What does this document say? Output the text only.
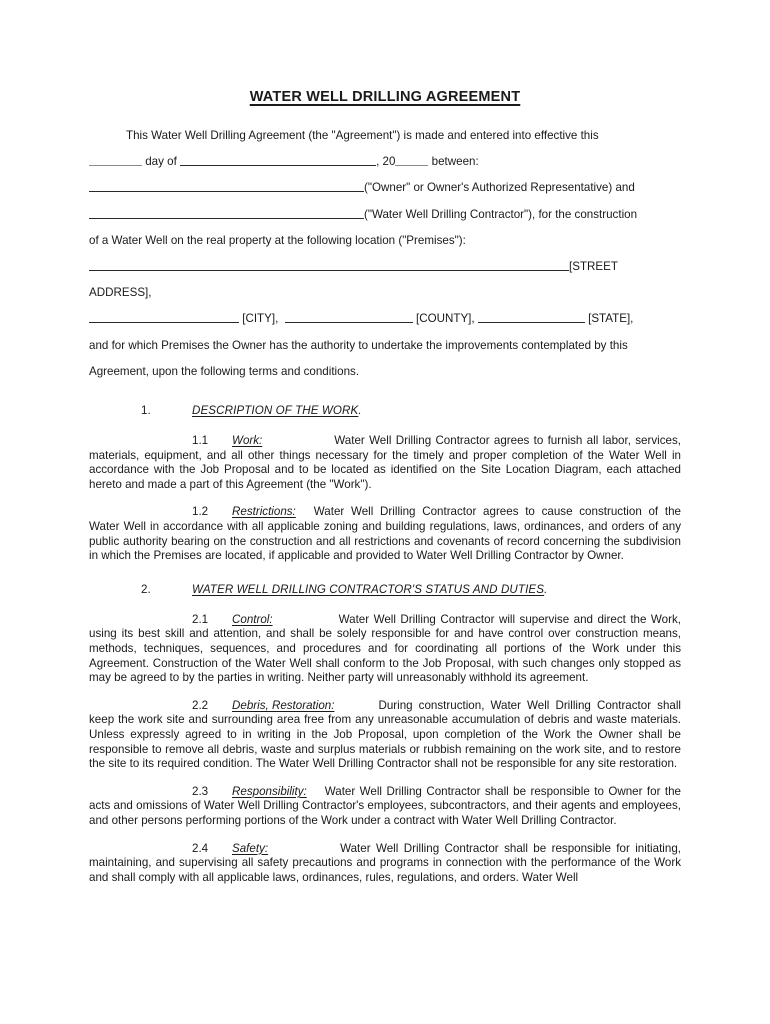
WATER WELL DRILLING AGREEMENT

This Water Well Drilling Agreement (the "Agreement") is made and entered into effective this

day of	, 20	between:

("Owner" or Owner's Authorized Representative) and

("Water Well Drilling Contractor"), for the construction

of a Water Well on the real property at the following location ("Premises"):

[STREET ADDRESS],

[CITY],	[COUNTY],	[STATE],

and for which Premises the Owner has the authority to undertake the improvements contemplated by this

Agreement, upon the following terms and conditions.

1.	DESCRIPTION OF THE WORK.

1.1 Work:	Water Well Drilling Contractor agrees to furnish all labor, services, materials, equipment, and all other things necessary for the timely and proper completion of the Water Well in accordance with the Job Proposal and to be located as identified on the Site Location Diagram, each attached hereto and made a part of this Agreement (the "Work").

1.2 Restrictions: Water Well Drilling Contractor agrees to cause construction of the Water Well in accordance with all applicable zoning and building regulations, laws, ordinances, and orders of any public authority bearing on the construction and all restrictions and covenants of record concerning the subdivision in which the Premises are located, if applicable and provided to Water Well Drilling Contractor by Owner.

2.	WATER WELL DRILLING CONTRACTOR'S STATUS AND DUTIES.

2.1 Control:	Water Well Drilling Contractor will supervise and direct the Work, using its best skill and attention, and shall be solely responsible for and have control over construction means, methods, techniques, sequences, and procedures and for coordinating all portions of the Work under this Agreement. Construction of the Water Well shall conform to the Job Proposal, with such changes only stopped as may be agreed to by the parties in writing. Neither party will unreasonably withhold its agreement.

2.2 Debris, Restoration:	During construction, Water Well Drilling Contractor shall keep the work site and surrounding area free from any unreasonable accumulation of debris and waste materials. Unless expressly agreed to in writing in the Job Proposal, upon completion of the Work the Owner shall be responsible to remove all debris, waste and surplus materials or rubbish remaining on the work site, and to restore the site to its required condition. The Water Well Drilling Contractor shall not be responsible for any site restoration.

2.3 Responsibility: Water Well Drilling Contractor shall be responsible to Owner for the acts and omissions of Water Well Drilling Contractor's employees, subcontractors, and their agents and employees, and other persons performing portions of the Work under a contract with Water Well Drilling Contractor.

2.4 Safety:	Water Well Drilling Contractor shall be responsible for initiating, maintaining, and supervising all safety precautions and programs in connection with the performance of the Work and shall comply with all applicable laws, ordinances, rules, regulations, and orders. Water Well
